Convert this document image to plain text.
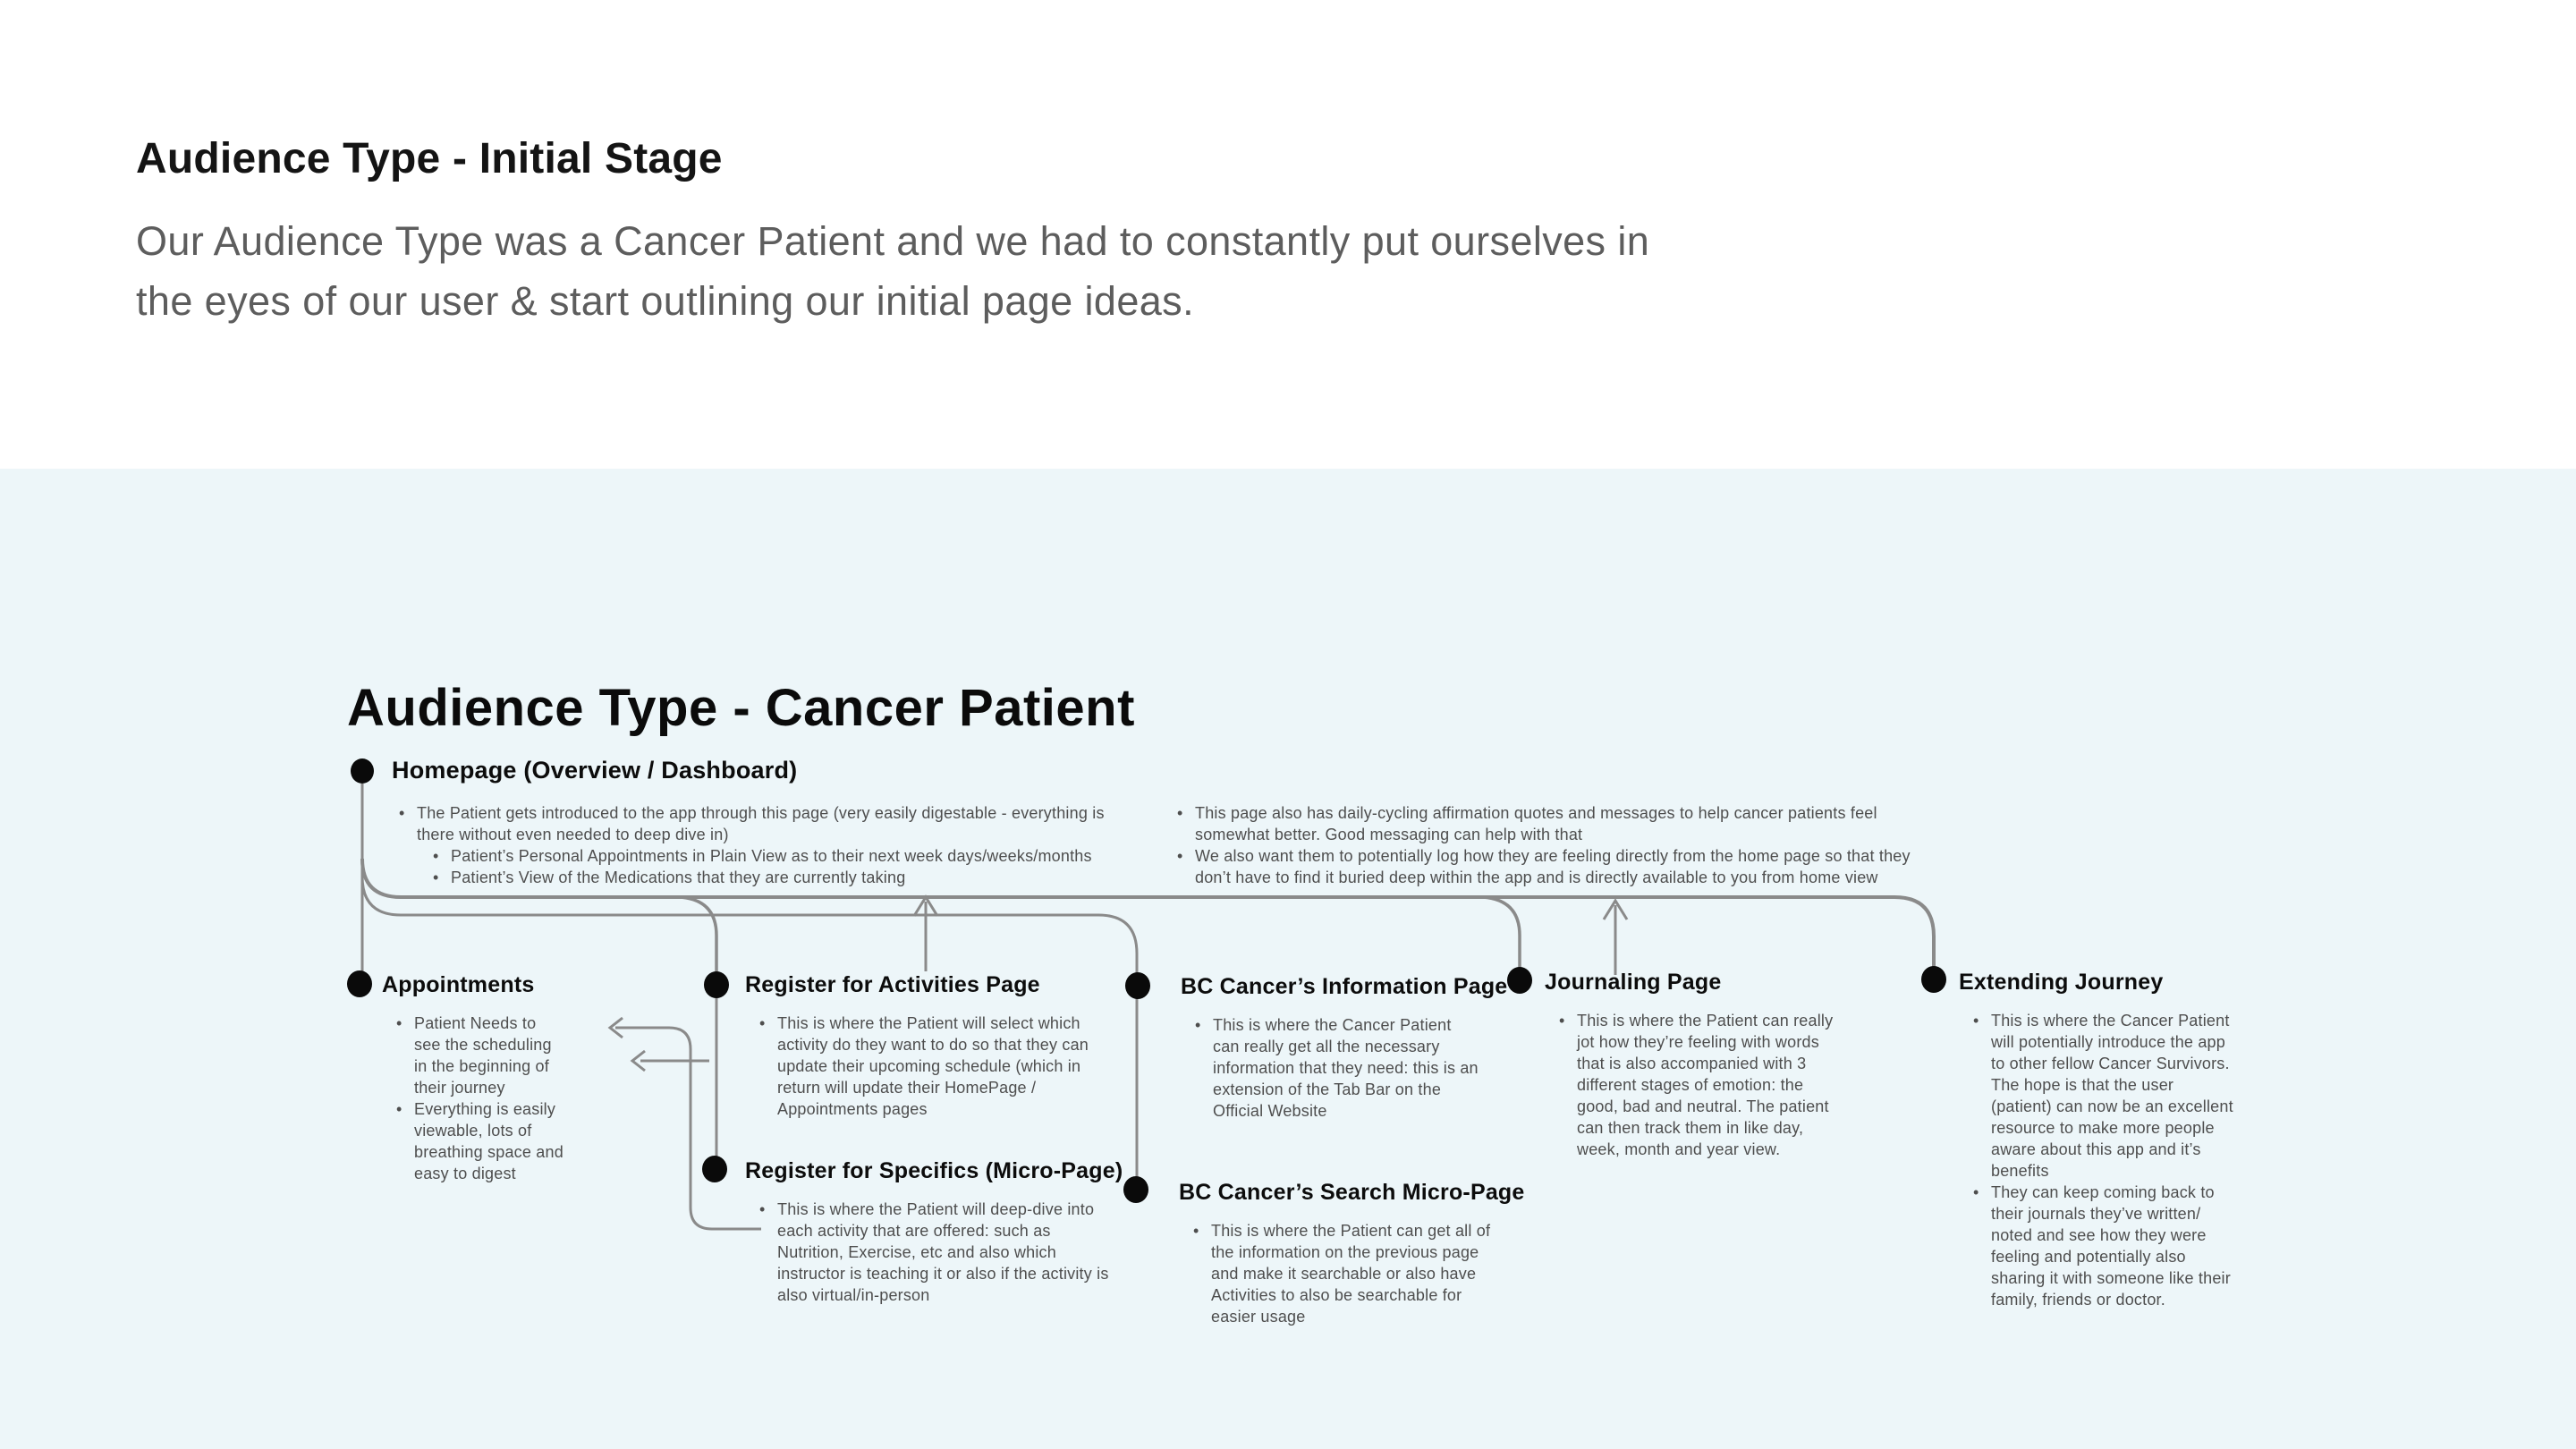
Audience Type - Initial Stage
Our Audience Type was a Cancer Patient and we had to constantly put ourselves in the eyes of our user & start outlining our initial page ideas.
Audience Type - Cancer Patient
Homepage (Overview / Dashboard)
• The Patient gets introduced to the app through this page (very easily digestable - everything is there without even needed to deep dive in)
• Patient’s Personal Appointments in Plain View as to their next week days/weeks/months
• Patient’s View of the Medications that they are currently taking
• This page also has daily-cycling affirmation quotes and messages to help cancer patients feel somewhat better. Good messaging can help with that
• We also want them to potentially log how they are feeling directly from the home page so that they don’t have to find it buried deep within the app and is directly available to you from home view
Appointments
• Patient Needs to see the scheduling in the beginning of their journey
• Everything is easily viewable, lots of breathing space and easy to digest
Register for Activities Page
• This is where the Patient will select which activity do they want to do so that they can update their upcoming schedule (which in return will update their HomePage / Appointments pages
Register for Specifics (Micro-Page)
• This is where the Patient will deep-dive into each activity that are offered: such as Nutrition, Exercise, etc and also which instructor is teaching it or also if the activity is also virtual/in-person
BC Cancer’s Information Page
• This is where the Cancer Patient can really get all the necessary information that they need: this is an extension of the Tab Bar on the Official Website
BC Cancer’s Search Micro-Page
• This is where the Patient can get all of the information on the previous page and make it searchable or also have Activities to also be searchable for easier usage
Journaling Page
• This is where the Patient can really jot how they’re feeling with words that is also accompanied with 3 different stages of emotion: the good, bad and neutral. The patient can then track them in like day, week, month and year view.
Extending Journey
• This is where the Cancer Patient will potentially introduce the app to other fellow Cancer Survivors. The hope is that the user (patient) can now be an excellent resource to make more people aware about this app and it’s benefits
• They can keep coming back to their journals they’ve written/ noted and see how they were feeling and potentially also sharing it with someone like their family, friends or doctor.
